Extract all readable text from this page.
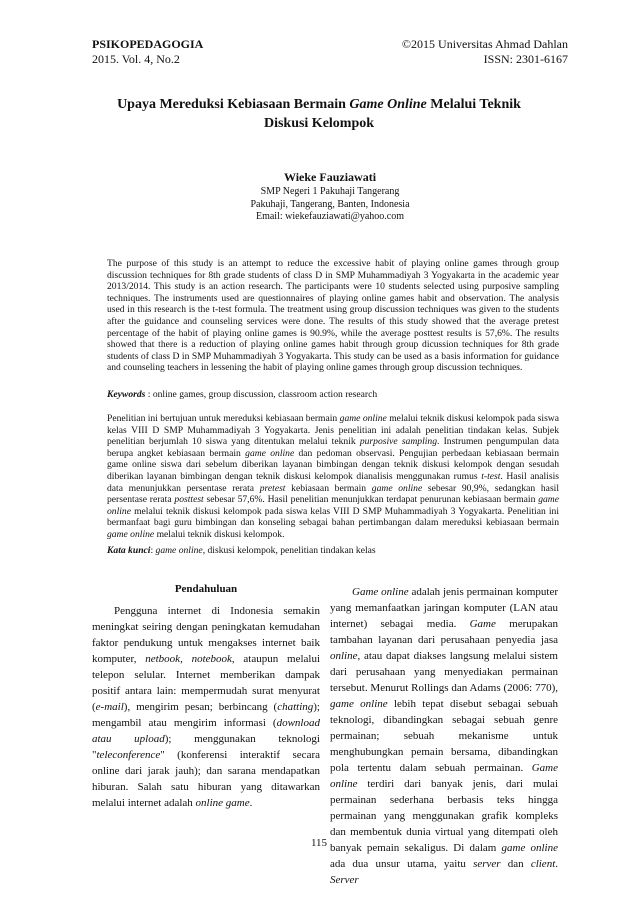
PSIKOPEDAGOGIA
2015. Vol. 4, No.2
©2015 Universitas Ahmad Dahlan
ISSN: 2301-6167
Upaya Mereduksi Kebiasaan Bermain Game Online Melalui Teknik Diskusi Kelompok
Wieke Fauziawati
SMP Negeri 1 Pakuhaji Tangerang
Pakuhaji, Tangerang, Banten, Indonesia
Email: wiekefauziawati@yahoo.com
The purpose of this study is an attempt to reduce the excessive habit of playing online games through group discussion techniques for 8th grade students of class D in SMP Muhammadiyah 3 Yogyakarta in the academic year 2013/2014. This study is an action research. The participants were 10 students selected using purposive sampling techniques. The instruments used are questionnaires of playing online games habit and observation. The analysis used in this research is the t-test formula. The treatment using group discussion techniques was given to the students after the guidance and counseling services were done. The results of this study showed that the average pretest percentage of the habit of playing online games is 90.9%, while the average posttest results is 57,6%. The results showed that there is a reduction of playing online games habit through group dicussion techniques for 8th grade students of class D in SMP Muhammadiyah 3 Yogyakarta. This study can be used as a basis information for guidance and counseling teachers in lessening the habit of playing online games through group discussion techniques.
Keywords : online games, group discussion, classroom action research
Penelitian ini bertujuan untuk mereduksi kebiasaan bermain game online melalui teknik diskusi kelompok pada siswa kelas VIII D SMP Muhammadiyah 3 Yogyakarta. Jenis penelitian ini adalah penelitian tindakan kelas. Subjek penelitian berjumlah 10 siswa yang ditentukan melalui teknik purposive sampling. Instrumen pengumpulan data berupa angket kebiasaan bermain game online dan pedoman observasi. Pengujian perbedaan kebiasaan bermain game online siswa dari sebelum diberikan layanan bimbingan dengan teknik diskusi kelompok dengan sesudah diberikan layanan bimbingan dengan teknik diskusi kelompok dianalisis menggunakan rumus t-test. Hasil analisis data menunjukkan persentase rerata pretest kebiasaan bermain game online sebesar 90,9%, sedangkan hasil persentase rerata posttest sebesar 57,6%. Hasil penelitian menunjukkan terdapat penurunan kebiasaan bermain game online melalui teknik diskusi kelompok pada siswa kelas VIII D SMP Muhammadiyah 3 Yogyakarta. Penelitian ini bermanfaat bagi guru bimbingan dan konseling sebagai bahan pertimbangan dalam mereduksi kebiasaan bermain game online melalui teknik diskusi kelompok.
Kata kunci: game online, diskusi kelompok, penelitian tindakan kelas
Pendahuluan
Pengguna internet di Indonesia semakin meningkat seiring dengan peningkatan kemudahan faktor pendukung untuk mengakses internet baik komputer, netbook, notebook, ataupun melalui telepon selular. Internet memberikan dampak positif antara lain: mempermudah surat menyurat (e-mail), mengirim pesan; berbincang (chatting); mengambil atau mengirim informasi (download atau upload); menggunakan teknologi "teleconference" (konferensi interaktif secara online dari jarak jauh); dan sarana mendapatkan hiburan. Salah satu hiburan yang ditawarkan melalui internet adalah online game.
Game online adalah jenis permainan komputer yang memanfaatkan jaringan komputer (LAN atau internet) sebagai media. Game merupakan tambahan layanan dari perusahaan penyedia jasa online, atau dapat diakses langsung melalui sistem dari perusahaan yang menyediakan permainan tersebut. Menurut Rollings dan Adams (2006: 770), game online lebih tepat disebut sebagai sebuah teknologi, dibandingkan sebagai sebuah genre permainan; sebuah mekanisme untuk menghubungkan pemain bersama, dibandingkan pola tertentu dalam sebuah permainan. Game online terdiri dari banyak jenis, dari mulai permainan sederhana berbasis teks hingga permainan yang menggunakan grafik kompleks dan membentuk dunia virtual yang ditempati oleh banyak pemain sekaligus. Di dalam game online ada dua unsur utama, yaitu server dan client. Server
115
